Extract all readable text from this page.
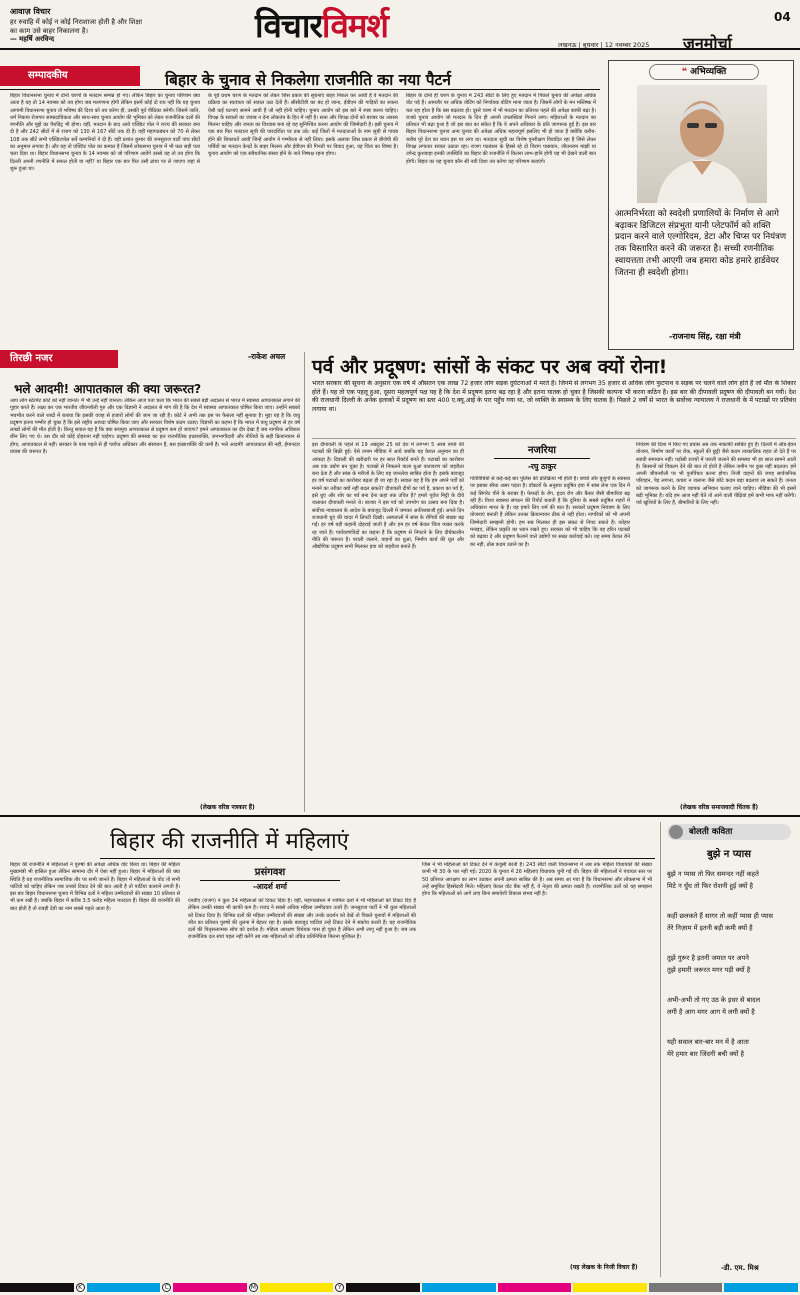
आवाज़ विचार
हर रुवाहि में कोई न कोई निराशाजा होती है और शिक्षा का काम उसे बाहर निकालना है।
— महर्षि अरविन्द	विचारविमर्श	लखनऊ | बुधवार | 12 नवम्बर 2025 जनमोर्चा
04
सम्पादकीय	बिहार के चुनाव से निकलेगा राजनीति का नया पैटर्न
बिहार विधानसभा चुनाव में दोनों चरणों के मतदान सम्पन्न हो गए। लेकिन बिहार का चुनाव परिणाम क्या आता है यह तो 14 नवम्बर को तय होगा जब मतगणना होगी लेकिन इसमें कोई दो राय नहीं कि यह चुनाव आगामी विधानसभा चुनाव तो भविष्य की दिशा को तय करेगा ही, उसकी पूर्व पीठिका बनेगी। जिसमें जाति, धर्म निकाय रोजगार साम्प्रदायिकता और साथ-साथ चुनाव आयोग की भूमिका को लेकर राजनीतिक दलों की रणनीति और मुद्दों का पैराडिट्र भी होगा। वहीं, मतदान के बाद आये एक्ज़िट पोल ने राज्य की सरकार बना दी है और 242 सीटों में से राजग को 130 से 167 सीटें तक दी हैं। वहीं महागठबंधन को 70 से लेकर 108 तक सीटें सभी एक्ज़िटपोल सर्वे कम्पनियों ने दी हैं। वहीं प्रशांत कुमार की जनसुराज पार्टी पांच सीटों का अनुमान लगाया है। और यह तो एक्ज़िट पोल का कमाल है जिसमें लोकसभा चुनाव में भी फ़ल सही पता चला दिया था। बिहार विधानसभा चुनाव के 14 नवम्बर को जो परिणाम आयेंगे उससे यह तो तय होगा कि दिल्ली अपनी रणनीति में सफल होती या नहीं? या बिहार एक बार फिर उसी ढांचा पर ले जाएगा जहां से शुरू हुआ था।
के पूर्व प्रथम चरण के मतदान को लेकर जिस प्रकार की सूचनाएं बाहर निकल कर आयी हैं वे मतदान की प्रक्रिया का स्वतंत्रता को सवाल उठा देती हैं। सीसीटीवी का बंद हो जाना, ईवीएम की गाड़ियों का रुकना ऐसी कई घटनाएं सामने आयी हैं जो नहीं होनी चाहिए। चुनाव आयोग को इस बारे में स्पष्ट करना चाहिए। विपक्ष के सवालों का जवाब न देना लोकतंत्र के हित में नहीं है। सत्ता और विपक्ष दोनों को बराबर का अवसर मिलना चाहिए और जनता का विश्वास बना रहे यह सुनिश्चित करना आयोग की जिम्मेदारी है। इसी चुनाव में एक बार फिर मतदाता सूची की पारदर्शिता पर प्रश्न उठे। कई जिलों में मतदाताओं के नाम सूची से गायब होने की शिकायतें आयीं जिन्हें आयोग ने गम्भीरता से नहीं लिया। इसके अलावा जिस प्रकार से बीजेपी की पर्चियों का मतदान केन्द्रों के बाहर मिलना और ईवीएम की गिनती पर विवाद हुआ, वह चिंता का विषय है। चुनाव आयोग को एक संवैधानिक संस्था होने के नाते निष्पक्ष रहना होगा।
बिहार के दोनों ही चरण के चुनाव में 243 सीटों के लिए हुए मतदान में पिछले चुनाव की अपेक्षा अधिक वोट पड़े हैं। आमतौर पर अधिक वोटिंग को निर्णायक वोटिंग माना जाता है। जिसमें लोगों के मन मस्तिष्क में चल रहा होता है कि बस बदलाव हो। दूसरे चरण में भी मतदान का प्रतिशत पहले की अपेक्षा काफी बढ़ा है। राजग्रे चुनाव आयोग जो मतदान के दिन ही अपनी उपलब्धियां गिनाने लगा। महिलाओं के मतदान का प्रतिशत भी बढ़ा हुआ है जो इस बात का संकेत है कि वे अपने अधिकार के प्रति जागरूक हुई हैं। इस बार बिहार विधानसभा चुनाव अन्य चुनाव की अपेक्षा अधिक महत्वपूर्ण इसलिए भी हो जाता है क्योंकि करीब-करीब पूरे देश का ध्यान इस पर लगा था। मतदाता सूची का विशेष पुनरीक्षण विवादित रहा है जिसे लेकर विपक्ष लगातार सवाल उठाता रहा। राजग गठबंधन के हिस्से रहे दो चिराग पासवान, जीतनराम मांझी या उपेन्द्र कुशवाहा इनकी उपस्थिति का बिहार की राजनीति में कितना लाभ-हानि होगी यह भी देखने वाली बात होगी। बिहार का यह चुनाव कौन सी नयी दिशा तय करेगा यह परिणाम बताएंगे।
❝ अभिव्यक्ति
आत्मनिर्भरता को स्वदेशी प्रणालियों के निर्माण से आगे बढ़ाकर डिजिटल संप्रभुता यानी प्लेटफॉर्म को शक्ति प्रदान करने वाले एल्गोरिदम, डेटा और चिप्स पर नियंत्रण तक विस्तारित करने की जरूरत है। सच्ची रणनीतिक स्वायत्तता तभी आएगी जब हमारा कोड हमारे हार्डवेयर जितना ही स्वदेशी होगा।
-राजनाथ सिंह, रक्षा मंत्री
तिरछी नजर	-राकेश अचल
भले आदमी! आपातकाल की क्या जरूरत?
आप लोग स्टेटमेंट कोर्ट को नहीं जानते। मैं भी उन्हें नहीं जानता। लेकिन आज पता चला कि भारत की सबसे बड़ी अदालत से भारत में स्वास्थ्य आपातकाल लगाने की गुहार करते हैं। लक्ष्य कर एक भारतीय जीवनशैली गुरु और एक विज्ञानी ने अदालत से मांग की है कि देश में स्वास्थ्य आपातकाल घोषित किया जाए। उन्होंने सबको भयभीत करने वाले शब्दों में बताया कि इसकी वजह से हजारों लोगों की जान जा रही है। कोर्ट ने अभी तक इस पर फैसला नहीं सुनाया है। मुद्दा यह है कि वायु प्रदूषण इतना गम्भीर हो चुका है कि इसे राष्ट्रीय आपदा घोषित किया जाए और सरकार विशेष कदम उठाए। विज्ञानी का कहना है कि भारत में वायु प्रदूषण से हर वर्ष लाखों लोगों की मौत होती है। किन्तु सवाल यह है कि क्या सचमुच आपातकाल से प्रदूषण कम हो जाएगा? हमने आपातकाल का दौर देखा है जब नागरिक अधिकार छीन लिए गए थे। उस दौर को कोई दोहराना नहीं चाहेगा। प्रदूषण की समस्या का हल राजनीतिक इच्छाशक्ति, जनभागीदारी और नीतियों के सही क्रियान्वयन से होगा, आपातकाल से नहीं। सरकार के पास पहले से ही पर्याप्त अधिकार और संसाधन हैं, बस इच्छाशक्ति की कमी है। भले आदमी! आपातकाल की नहीं, ईमानदार प्रयास की जरूरत है।
(लेखक वरिष्ठ पत्रकार हैं)
पर्व और प्रदूषण: सांसों के संकट पर अब क्यों रोना!
भारत सरकार की सूचना के अनुसार एक वर्ष में औसतन एक लाख 72 हजार लोग सड़क दुर्घटनाओं में मरते हैं। जिनमें से लगभग 35 हजार से अधिक लोग फुटपाथ व सड़क पर चलने वाले लोग होते हैं जो मौत के शिकार होते हैं। यह तो एक पहलू हुआ, दूसरा महत्वपूर्ण पक्ष यह है कि देश में प्रदूषण इतना बढ़ रहा है और इतना घातक हो चुका है जिसकी कल्पना भी करना कठिन है। इस बार की दीपावली प्रदूषण की दीपावली बन गयी। देश की राजधानी दिल्ली के अनेक इलाकों में प्रदूषण का स्तर 400 ए.क्यू.आई के पार पहुँच गया था, जो व्यक्ति के स्वास्थ्य के लिए घातक है। पिछले 2 वर्षों से भारत के सर्वोच्च न्यायालय ने राजधानी के में पटाखों पर प्रतिबंध लगाया था।
इस दीपावली के पहले से 19 अक्टूबर 25 को देश में लगभग 5 अरब रुपये की पटाखों की बिक्री हुई। ऐसे तमाम मीडिया में आये जबकि यह केवल अनुमान का ही आंकड़ा है। दिवाली की खरीदारी पर हर साल रिकॉर्ड बनते हैं। पटाखों का कारोबार अब एक उद्योग बन चुका है। पटाखों से निकलने वाला धुआं वातावरण को जहरीला बना देता है और सांस के मरीजों के लिए यह जानलेवा साबित होता है। इसके बावजूद हर वर्ष पटाखों का कारोबार बढ़ता ही जा रहा है। सवाल यह है कि हम अपने पर्वों को मनाने का तरीका क्यों नहीं बदल सकते? दीपावली दीपों का पर्व है, प्रकाश का पर्व है, इसे धुएं और शोर का पर्व बना देना कहां तक उचित है? हमारे पूर्वज मिट्टी के दीये जलाकर दीपावली मनाते थे। बाजार ने इस पर्व को उपभोग का उत्सव बना दिया है। सर्वोच्च न्यायालय के आदेश के बावजूद दिल्ली में जमकर आतिशबाजी हुई। अगले दिन राजधानी धुएं की चादर में लिपटी दिखी। अस्पतालों में सांस के रोगियों की संख्या बढ़ गई। हर वर्ष यही कहानी दोहराई जाती है और हम हर वर्ष केवल चिंता व्यक्त करके रह जाते हैं। पर्यावरणविदों का कहना है कि प्रदूषण से निपटने के लिए दीर्घकालीन नीति की जरूरत है। पराली जलाने, वाहनों का धुआं, निर्माण कार्य की धूल और औद्योगिक प्रदूषण सभी मिलकर हवा को जहरीला बनाते हैं।
नजरिया
-रघु ठाकुर
गतिविधियों से कई-कई बार पुलिस की प्रतिक्रिया भी होती है। बच्चों और बुजुर्गों के स्वास्थ्य पर इसका सीधा असर पड़ता है। डॉक्टरों के अनुसार प्रदूषित हवा में सांस लेना एक दिन में कई सिगरेट पीने के बराबर है। फेफड़ों के रोग, हृदय रोग और कैंसर जैसी बीमारियां बढ़ रही हैं। विश्व स्वास्थ्य संगठन की रिपोर्ट बताती है कि दुनिया के सबसे प्रदूषित शहरों में अधिकांश भारत के हैं। यह हमारे लिए शर्म की बात है। सरकारें प्रदूषण नियंत्रण के लिए योजनाएं बनाती हैं लेकिन उनका क्रियान्वयन ठीक से नहीं होता। नागरिकों को भी अपनी जिम्मेदारी समझनी होगी। हम सब मिलकर ही इस संकट से निपट सकते हैं। त्योहार मनाइए, लेकिन प्रकृति का ध्यान रखते हुए। सरकार को भी चाहिए कि वह हरित पटाखों को बढ़ावा दे और प्रदूषण फैलाने वाले उद्योगों पर सख्त कार्रवाई करे। यह समय केवल रोने का नहीं, ठोस कदम उठाने का है।
नियंत्रण की दिशा में किए गए प्रयास अब तक नाकाफी साबित हुए हैं। दिल्ली में ऑड-ईवन योजना, निर्माण कार्यों पर रोक, स्कूलों की छुट्टी जैसे कदम तात्कालिक राहत तो देते हैं पर स्थायी समाधान नहीं। पड़ोसी राज्यों में पराली जलाने की समस्या भी हर साल सामने आती है। किसानों को विकल्प देने की बात तो होती है लेकिन जमीन पर कुछ नहीं बदलता। हमें अपनी जीवनशैली पर भी पुनर्विचार करना होगा। निजी वाहनों की जगह सार्वजनिक परिवहन, पेड़ लगाना, कचरा न जलाना जैसे छोटे कदम बड़ा बदलाव ला सकते हैं। जनता को जागरूक करने के लिए व्यापक अभियान चलाए जाने चाहिए। मीडिया की भी इसमें बड़ी भूमिका है। यदि हम आज नहीं चेते तो आने वाली पीढ़ियां हमें कभी माफ नहीं करेंगी। पर्व खुशियों के लिए हैं, बीमारियों के लिए नहीं।
(लेखक वरिष्ठ समाजवादी चिंतक हैं)
बिहार की राजनीति में महिलाएं
बिहार की राजनीति में महिलाओं ने पुरुषों की अपेक्षा अधिक वोट किया था। बिहार की महिला मुख्यमंत्री भी हासिल हुआ लेकिन सामान्य दौर में ऐसा नहीं हुआ। बिहार में महिलाओं की क्या स्थिति है यह राजनीतिक सामाजिक तौर पर सभी जानते हैं। बिहार में महिलाओं के वोट तो सभी पार्टियों को चाहिए लेकिन जब उनको टिकट देने की बात आती है तो पार्टियां कतराने लगती हैं। इस बार बिहार विधानसभा चुनाव में विभिन्न दलों ने महिला उम्मीदवारों की संख्या 10 प्रतिशत से भी कम रखी है। जबकि बिहार में करीब 3.5 करोड़ महिला मतदाता हैं। बिहार की राजनीति की बात होती है तो राबड़ी देवी का नाम सबसे पहले आता है।
प्रसंगवश
-आदर्श शर्मा
एनडीए (राजग) ने कुल 34 महिलाओं को टिकट दिया है। वहीं, महागठबंधन में शामिल दलों ने भी महिलाओं को टिकट दिए हैं लेकिन उनकी संख्या भी काफी कम है। राजद ने सबसे अधिक महिला उम्मीदवार उतारे हैं। जनसुराज पार्टी ने भी कुछ महिलाओं को टिकट दिया है। विभिन्न दलों की महिला उम्मीदवारों की संख्या और उनके प्रदर्शन को देखें तो पिछले चुनावों में महिलाओं की जीत का प्रतिशत पुरुषों की तुलना में बेहतर रहा है। इसके बावजूद पार्टियां उन्हें टिकट देने में संकोच करती हैं। यह राजनीतिक दलों की पितृसत्तात्मक सोच को दर्शाता है। महिला आरक्षण विधेयक पास हो चुका है लेकिन अभी लागू नहीं हुआ है। जब तक राजनीतिक दल स्वयं पहल नहीं करेंगे तब तक महिलाओं को उचित प्रतिनिधित्व मिलना मुश्किल है।
जिस ने भी महिलाओं को टिकट देने में कंजूसी बरती है। 243 सीटों वाली विधानसभा में अब तक महिला विधायकों की संख्या कभी भी 30 के पार नहीं गई। 2020 के चुनाव में 26 महिलाएं विधायक चुनी गई थीं। बिहार की महिलाओं ने पंचायत स्तर पर 50 प्रतिशत आरक्षण का लाभ उठाकर अपनी क्षमता साबित की है। अब समय आ गया है कि विधानसभा और लोकसभा में भी उन्हें समुचित हिस्सेदारी मिले। महिलाएं केवल वोट बैंक नहीं हैं, वे नेतृत्व की क्षमता रखती हैं। राजनीतिक दलों को यह समझना होगा कि महिलाओं को आगे लाए बिना समावेशी विकास संभव नहीं है।
(यह लेखक के निजी विचार हैं)
बोलती कविता
बुझे न प्यास
बुझे न प्यास तो फिर समन्दर नहीं कहते
मिटे न धुँध तो फिर रोशनी हुई क्यों है
कहीं छलकते हैं सागर तो कहीं प्यास ही प्यास
तेरे निज़ाम में इतनी बड़ी कमी क्यों है
तुझे गुरूर है इतनी जमात पर अपने
तुझे हमारी जरूरत मगर पड़ी क्यों है
अभी-अभी तो गए उठ के इधर से बादल
लगी है आग मगर आग ये लगी क्यों है
यही सवाल बार-बार मन में है आता
मेरे हमार बार जिंदगी बची क्यों है
-डी. एम. मिश्र
K	C	M	Y
